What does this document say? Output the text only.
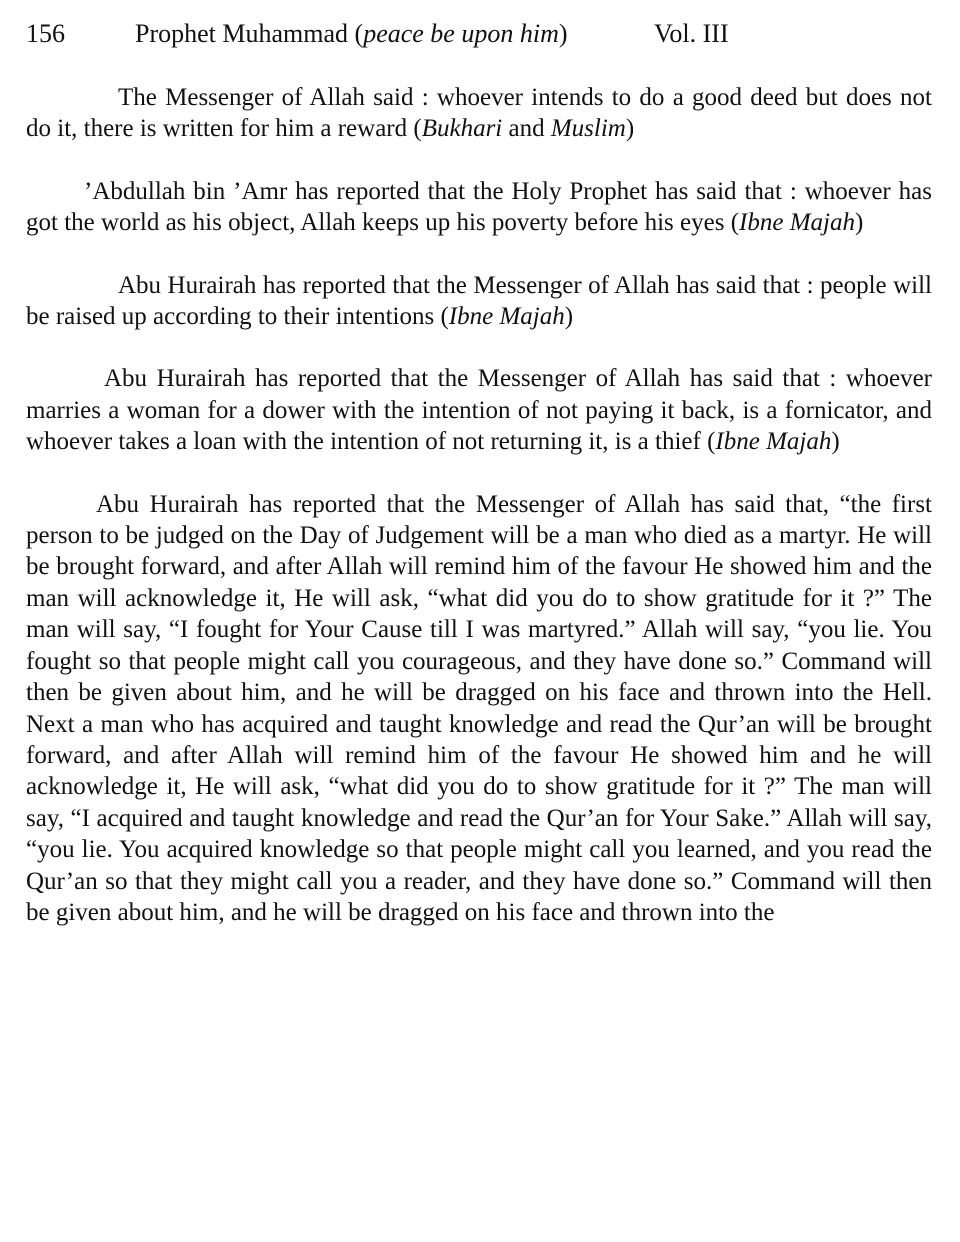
156	Prophet Muhammad (peace be upon him)	Vol. III

The Messenger of Allah said : whoever intends to do a good deed but does not do it, there is written for him a reward (Bukhari and Muslim)

’Abdullah bin ’Amr has reported that the Holy Prophet has said that : whoever has got the world as his object, Allah keeps up his poverty before his eyes (Ibne Majah)

Abu Hurairah has reported that the Messenger of Allah has said that : people will be raised up according to their intentions (Ibne Majah)

Abu Hurairah has reported that the Messenger of Allah has said that : whoever marries a woman for a dower with the intention of not paying it back, is a fornicator, and whoever takes a loan with the intention of not returning it, is a thief (Ibne Majah)

Abu Hurairah has reported that the Messenger of Allah has said that, “the first person to be judged on the Day of Judgement will be a man who died as a martyr. He will be brought forward, and after Allah will remind him of the favour He showed him and the man will acknowledge it, He will ask, “what did you do to show gratitude for it ?” The man will say, “I fought for Your Cause till I was martyred.” Allah will say, “you lie. You fought so that people might call you courageous, and they have done so.” Command will then be given about him, and he will be dragged on his face and thrown into the Hell. Next a man who has acquired and taught knowledge and read the Qur’an will be brought forward, and after Allah will remind him of the favour He showed him and he will acknowledge it, He will ask, “what did you do to show gratitude for it ?” The man will say, “I acquired and taught knowledge and read the Qur’an for Your Sake.” Allah will say, “you lie. You acquired knowledge so that people might call you learned, and you read the Qur’an so that they might call you a reader, and they have done so.” Command will then be given about him, and he will be dragged on his face and thrown into the
